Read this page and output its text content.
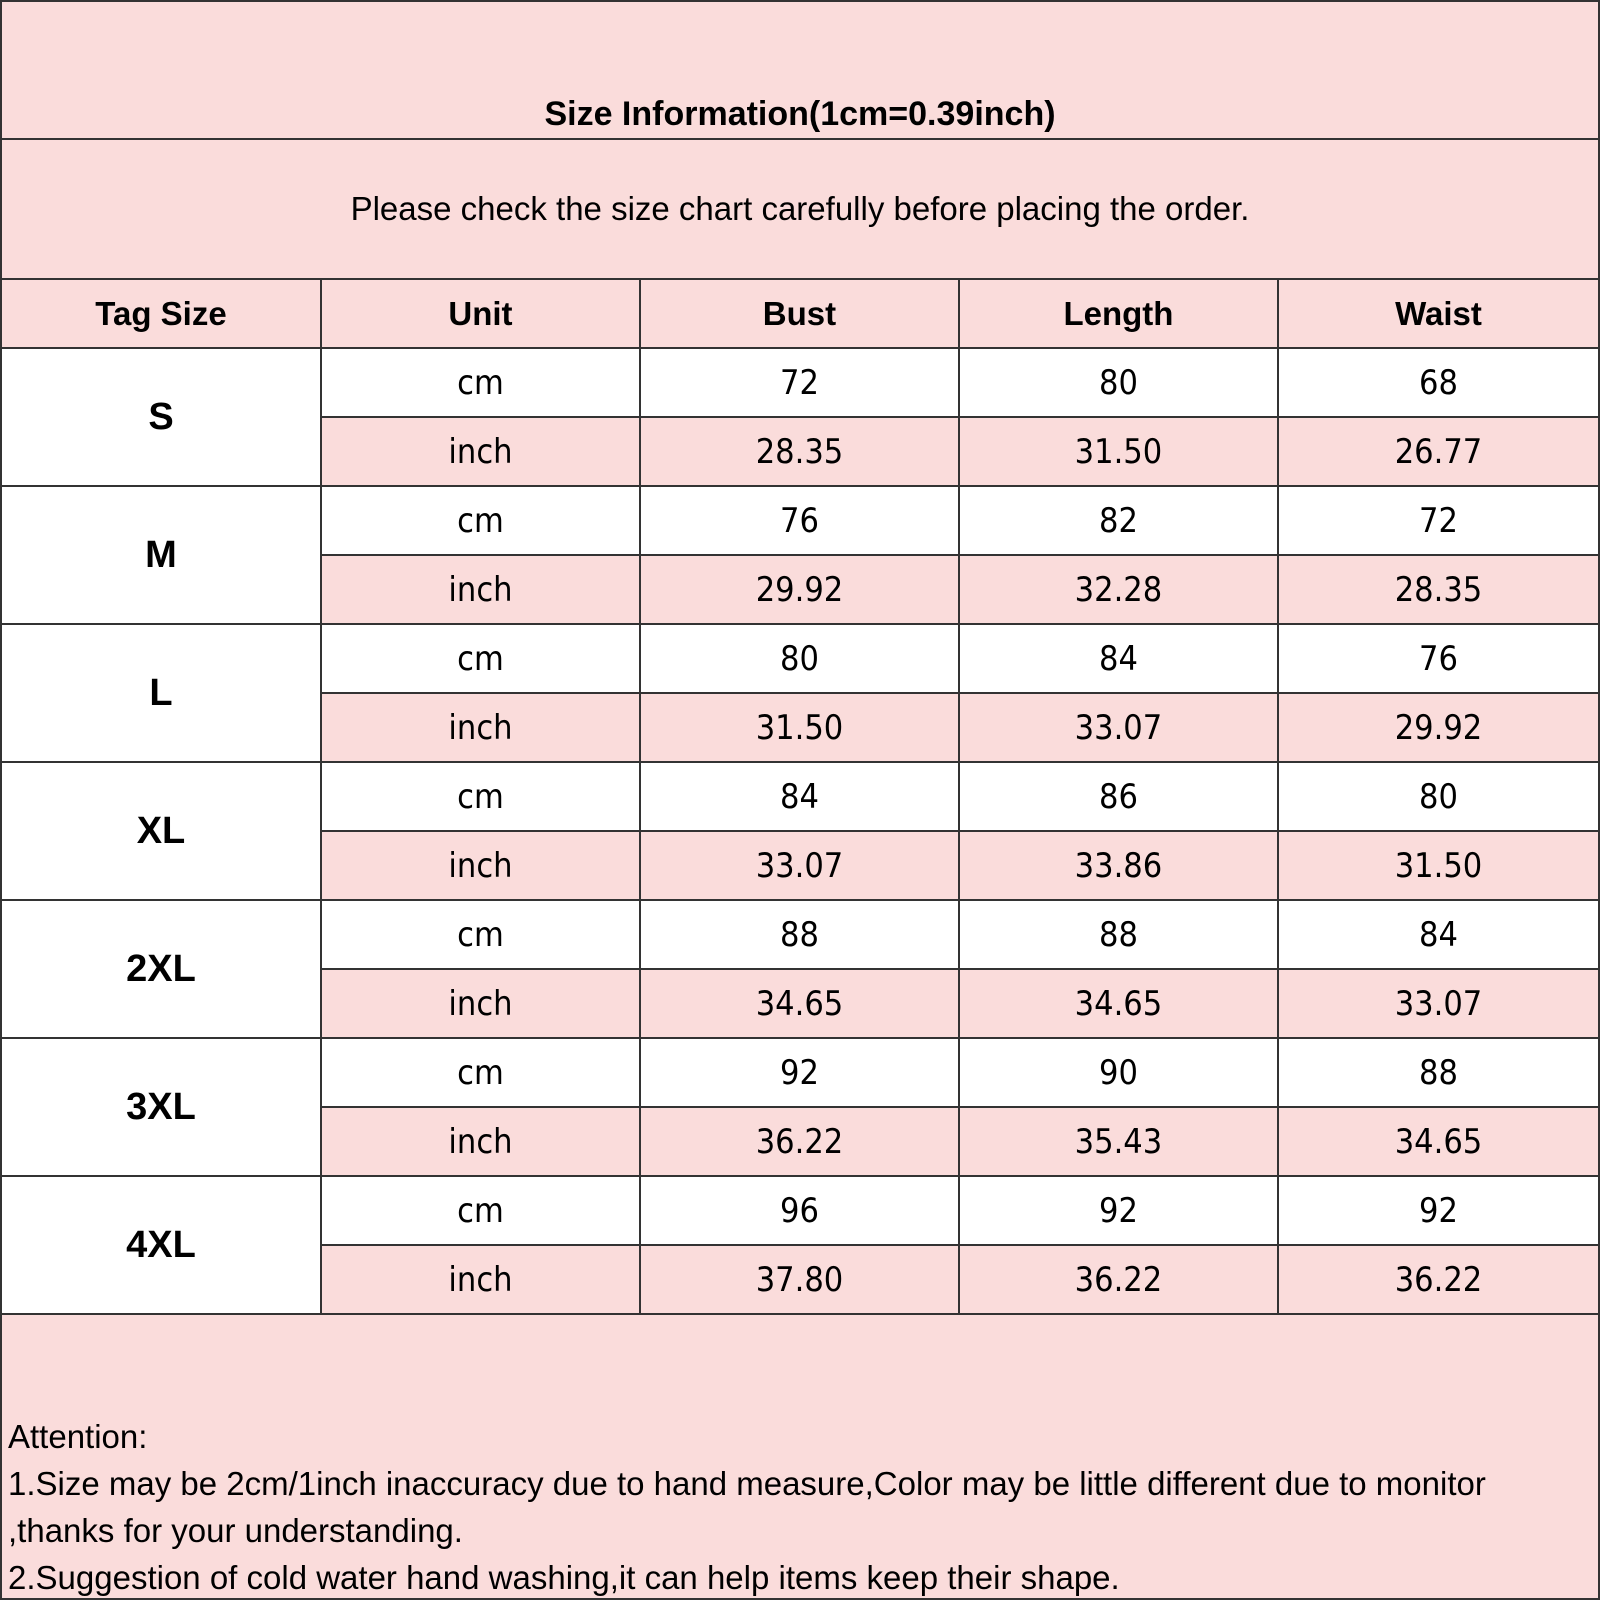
Size Information(1cm=0.39inch)
Please check the size chart carefully before placing the order.
Tag Size	Unit	Bust	Length	Waist
S	cm	72	80	68
	inch	28.35	31.50	26.77
M	cm	76	82	72
	inch	29.92	32.28	28.35
L	cm	80	84	76
	inch	31.50	33.07	29.92
XL	cm	84	86	80
	inch	33.07	33.86	31.50
2XL	cm	88	88	84
	inch	34.65	34.65	33.07
3XL	cm	92	90	88
	inch	36.22	35.43	34.65
4XL	cm	96	92	92
	inch	37.80	36.22	36.22
Attention:
1.Size may be 2cm/1inch inaccuracy due to hand measure,Color may be little different due to monitor
,thanks for your understanding.
2.Suggestion of cold water hand washing,it can help items keep their shape.
